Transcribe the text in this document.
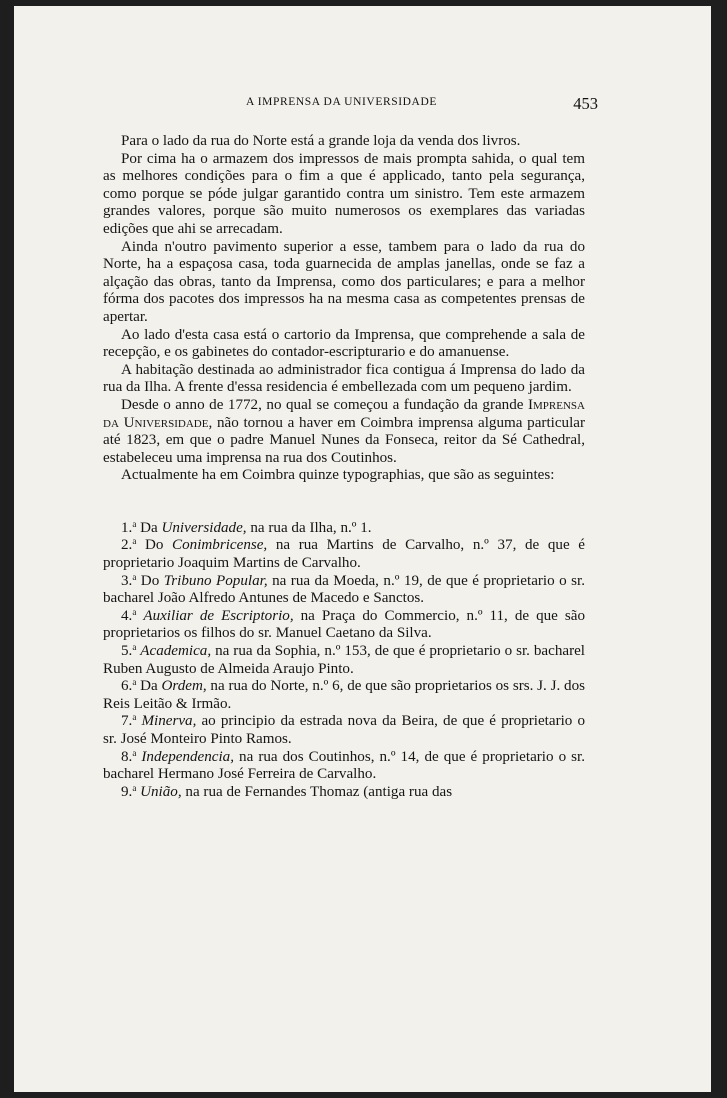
A IMPRENSA DA UNIVERSIDADE	453

Para o lado da rua do Norte está a grande loja da venda dos livros.

Por cima ha o armazem dos impressos de mais prompta sahida, o qual tem as melhores condições para o fim a que é applicado, tanto pela segurança, como porque se póde julgar garantido contra um sinistro. Tem este armazem grandes valores, porque são muito numerosos os exemplares das variadas edições que ahi se arrecadam.

Ainda n'outro pavimento superior a esse, tambem para o lado da rua do Norte, ha a espaçosa casa, toda guarnecida de amplas janellas, onde se faz a alçação das obras, tanto da Imprensa, como dos particulares; e para a melhor fórma dos pacotes dos impressos ha na mesma casa as competentes prensas de apertar.

Ao lado d'esta casa está o cartorio da Imprensa, que comprehende a sala de recepção, e os gabinetes do contador-escripturario e do amanuense.

A habitação destinada ao administrador fica contigua á Imprensa do lado da rua da Ilha. A frente d'essa residencia é embellezada com um pequeno jardim.

Desde o anno de 1772, no qual se começou a fundação da grande Imprensa da Universidade, não tornou a haver em Coimbra imprensa alguma particular até 1823, em que o padre Manuel Nunes da Fonseca, reitor da Sé Cathedral, estabeleceu uma imprensa na rua dos Coutinhos.

Actualmente ha em Coimbra quinze typographias, que são as seguintes:

1.$^a$ Da Universidade, na rua da Ilha, n.º 1.

2.$^a$ Do Conimbricense, na rua Martins de Carvalho, n.º 37, de que é proprietario Joaquim Martins de Carvalho.

3.$^a$ Do Tribuno Popular, na rua da Moeda, n.º 19, de que é proprietario o sr. bacharel João Alfredo Antunes de Macedo e Sanctos.

4.$^a$ Auxiliar de Escriptorio, na Praça do Commercio, n.º 11, de que são proprietarios os filhos do sr. Manuel Caetano da Silva.

5.$^a$ Academica, na rua da Sophia, n.º 153, de que é proprietario o sr. bacharel Ruben Augusto de Almeida Araujo Pinto.

6.$^a$ Da Ordem, na rua do Norte, n.º 6, de que são proprietarios os srs. J. J. dos Reis Leitão & Irmão.

7.$^a$ Minerva, ao principio da estrada nova da Beira, de que é proprietario o sr. José Monteiro Pinto Ramos.

8.$^a$ Independencia, na rua dos Coutinhos, n.º 14, de que é proprietario o sr. bacharel Hermano José Ferreira de Carvalho.

9.$^a$ União, na rua de Fernandes Thomaz (antiga rua das
